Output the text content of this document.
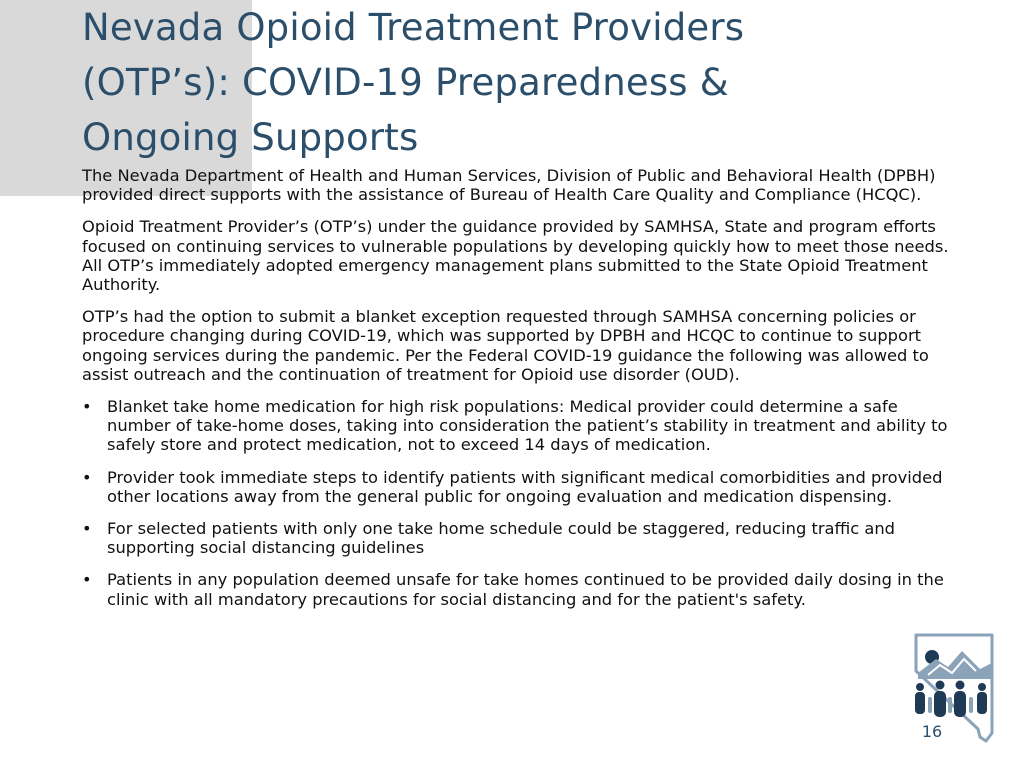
Nevada Opioid Treatment Providers
(OTP’s): COVID-19 Preparedness &
Ongoing Supports

The Nevada Department of Health and Human Services, Division of Public and Behavioral Health (DPBH) provided direct supports with the assistance of Bureau of Health Care Quality and Compliance (HCQC).

Opioid Treatment Provider’s (OTP’s) under the guidance provided by SAMHSA, State and program efforts focused on continuing services to vulnerable populations by developing quickly how to meet those needs. All OTP’s immediately adopted emergency management plans submitted to the State Opioid Treatment Authority.

OTP’s had the option to submit a blanket exception requested through SAMHSA concerning policies or procedure changing during COVID-19, which was supported by DPBH and HCQC to continue to support ongoing services during the pandemic. Per the Federal COVID-19 guidance the following was allowed to assist outreach and the continuation of treatment for Opioid use disorder (OUD).

• Blanket take home medication for high risk populations: Medical provider could determine a safe number of take-home doses, taking into consideration the patient’s stability in treatment and ability to safely store and protect medication, not to exceed 14 days of medication.
• Provider took immediate steps to identify patients with significant medical comorbidities and provided other locations away from the general public for ongoing evaluation and medication dispensing.
• For selected patients with only one take home schedule could be staggered, reducing traffic and supporting social distancing guidelines
• Patients in any population deemed unsafe for take homes continued to be provided daily dosing in the clinic with all mandatory precautions for social distancing and for the patient's safety.
16
